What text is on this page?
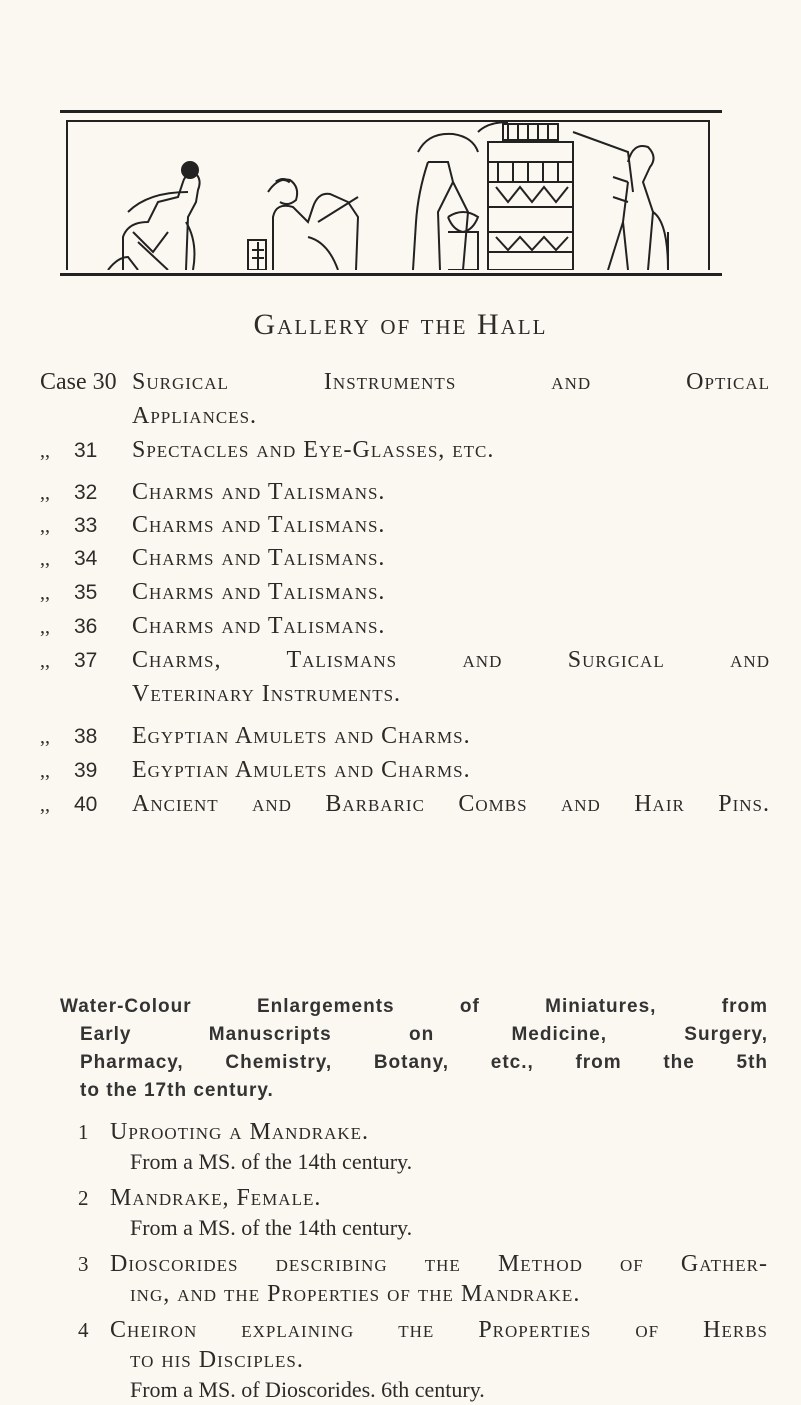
Gallery of the Hall
Case 30 Surgical Instruments and Optical
Appliances.
,, 31	Spectacles and Eye-Glasses, etc.
,, 32	Charms and Talismans.
,, 33	Charms and Talismans.
,, 34	Charms and Talismans.
,, 35	Charms and Talismans.
,, 36	Charms and Talismans.
,, 37	Charms, Talismans and Surgical and
Veterinary Instruments.
,, 38	Egyptian Amulets and Charms.
,, 39	Egyptian Amulets and Charms.
,, 40	Ancient and Barbaric Combs and Hair Pins.
Water-Colour Enlargements of Miniatures, from
Early Manuscripts on Medicine, Surgery,
Pharmacy, Chemistry, Botany, etc., from the 5th
to the 17th century.
1 Uprooting a Mandrake.
From a MS. of the 14th century.
2 Mandrake, Female.
From a MS. of the 14th century.
3 Dioscorides describing the Method of Gather-
ing, and the Properties of the Mandrake.
4 Cheiron explaining the Properties of Herbs
to his Disciples.
From a MS. of Dioscorides. 6th century.
